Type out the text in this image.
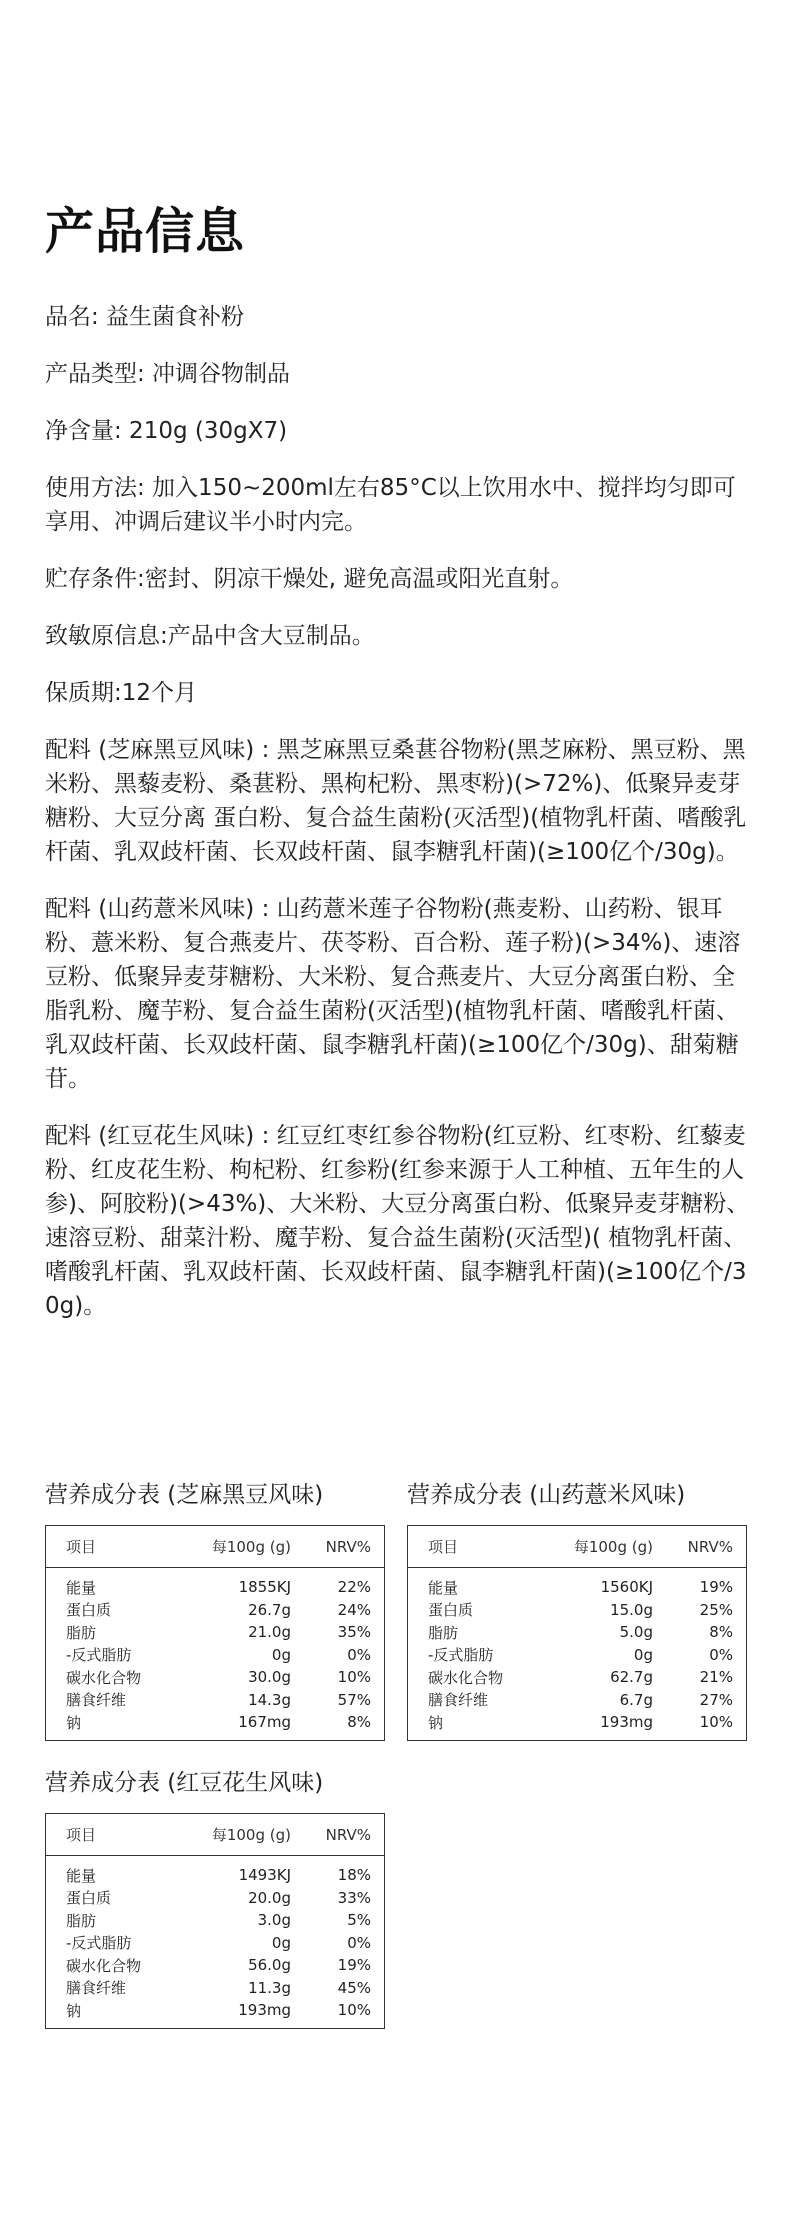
产品信息

品名: 益生菌食补粉

产品类型: 冲调谷物制品

净含量: 210g (30gX7)

使用方法: 加入150~200ml左右85°C以上饮用水中、搅拌均匀即可享用、冲调后建议半小时内完。

贮存条件:密封、阴凉干燥处, 避免高温或阳光直射。

致敏原信息:产品中含大豆制品。

保质期:12个月

配料 (芝麻黑豆风味) : 黑芝麻黑豆桑葚谷物粉(黑芝麻粉、黑豆粉、黑米粉、黑藜麦粉、桑葚粉、黑枸杞粉、黑枣粉)(>72%)、低聚异麦芽糖粉、大豆分离 蛋白粉、复合益生菌粉(灭活型)(植物乳杆菌、嗜酸乳杆菌、乳双歧杆菌、长双歧杆菌、鼠李糖乳杆菌)(≥100亿个/30g)。

配料 (山药薏米风味) : 山药薏米莲子谷物粉(燕麦粉、山药粉、银耳粉、薏米粉、复合燕麦片、茯苓粉、百合粉、莲子粉)(>34%)、速溶豆粉、低聚异麦芽糖粉、大米粉、复合燕麦片、大豆分离蛋白粉、全脂乳粉、魔芋粉、复合益生菌粉(灭活型)(植物乳杆菌、嗜酸乳杆菌、乳双歧杆菌、长双歧杆菌、鼠李糖乳杆菌)(≥100亿个/30g)、甜菊糖苷。

配料 (红豆花生风味) : 红豆红枣红参谷物粉(红豆粉、红枣粉、红藜麦粉、红皮花生粉、枸杞粉、红参粉(红参来源于人工种植、五年生的人参)、阿胶粉)(>43%)、大米粉、大豆分离蛋白粉、低聚异麦芽糖粉、速溶豆粉、甜菜汁粉、魔芋粉、复合益生菌粉(灭活型)( 植物乳杆菌、嗜酸乳杆菌、乳双歧杆菌、长双歧杆菌、鼠李糖乳杆菌)(≥100亿个/30g)。

营养成分表 (芝麻黑豆风味)
项目	每100g (g)	NRV%
能量	1855KJ	22%
蛋白质	26.7g	24%
脂肪	21.0g	35%
-反式脂肪	0g	0%
碳水化合物	30.0g	10%
膳食纤维	14.3g	57%
钠	167mg	8%
营养成分表 (山药薏米风味)
项目	每100g (g)	NRV%
能量	1560KJ	19%
蛋白质	15.0g	25%
脂肪	5.0g	8%
-反式脂肪	0g	0%
碳水化合物	62.7g	21%
膳食纤维	6.7g	27%
钠	193mg	10%
营养成分表 (红豆花生风味)
项目	每100g (g)	NRV%
能量	1493KJ	18%
蛋白质	20.0g	33%
脂肪	3.0g	5%
-反式脂肪	0g	0%
碳水化合物	56.0g	19%
膳食纤维	11.3g	45%
钠	193mg	10%
